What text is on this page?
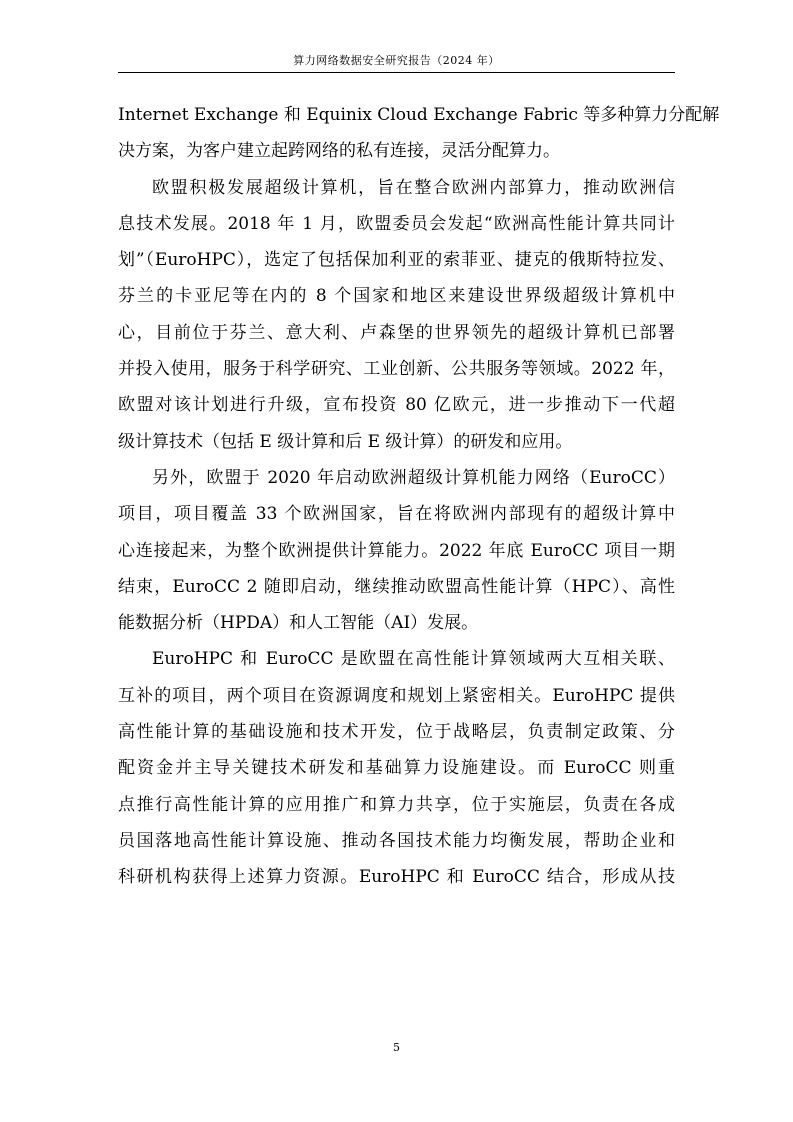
算力网络数据安全研究报告（2024 年）
Internet Exchange 和 Equinix Cloud Exchange Fabric 等多种算力分配解
决方案，为客户建立起跨网络的私有连接，灵活分配算力。
欧盟积极发展超级计算机，旨在整合欧洲内部算力，推动欧洲信
息技术发展。2018 年 1 月，欧盟委员会发起“欧洲高性能计算共同计
划”（EuroHPC），选定了包括保加利亚的索菲亚、捷克的俄斯特拉发、
芬兰的卡亚尼等在内的 8 个国家和地区来建设世界级超级计算机中
心，目前位于芬兰、意大利、卢森堡的世界领先的超级计算机已部署
并投入使用，服务于科学研究、工业创新、公共服务等领域。2022 年，
欧盟对该计划进行升级，宣布投资 80 亿欧元，进一步推动下一代超
级计算技术（包括 E 级计算和后 E 级计算）的研发和应用。
另外，欧盟于 2020 年启动欧洲超级计算机能力网络（EuroCC）
项目，项目覆盖 33 个欧洲国家，旨在将欧洲内部现有的超级计算中
心连接起来，为整个欧洲提供计算能力。2022 年底 EuroCC 项目一期
结束，EuroCC 2 随即启动，继续推动欧盟高性能计算（HPC）、高性
能数据分析（HPDA）和人工智能（AI）发展。
EuroHPC 和 EuroCC 是欧盟在高性能计算领域两大互相关联、
互补的项目，两个项目在资源调度和规划上紧密相关。EuroHPC 提供
高性能计算的基础设施和技术开发，位于战略层，负责制定政策、分
配资金并主导关键技术研发和基础算力设施建设。而 EuroCC 则重
点推行高性能计算的应用推广和算力共享，位于实施层，负责在各成
员国落地高性能计算设施、推动各国技术能力均衡发展，帮助企业和
科研机构获得上述算力资源。EuroHPC 和 EuroCC 结合，形成从技
5
